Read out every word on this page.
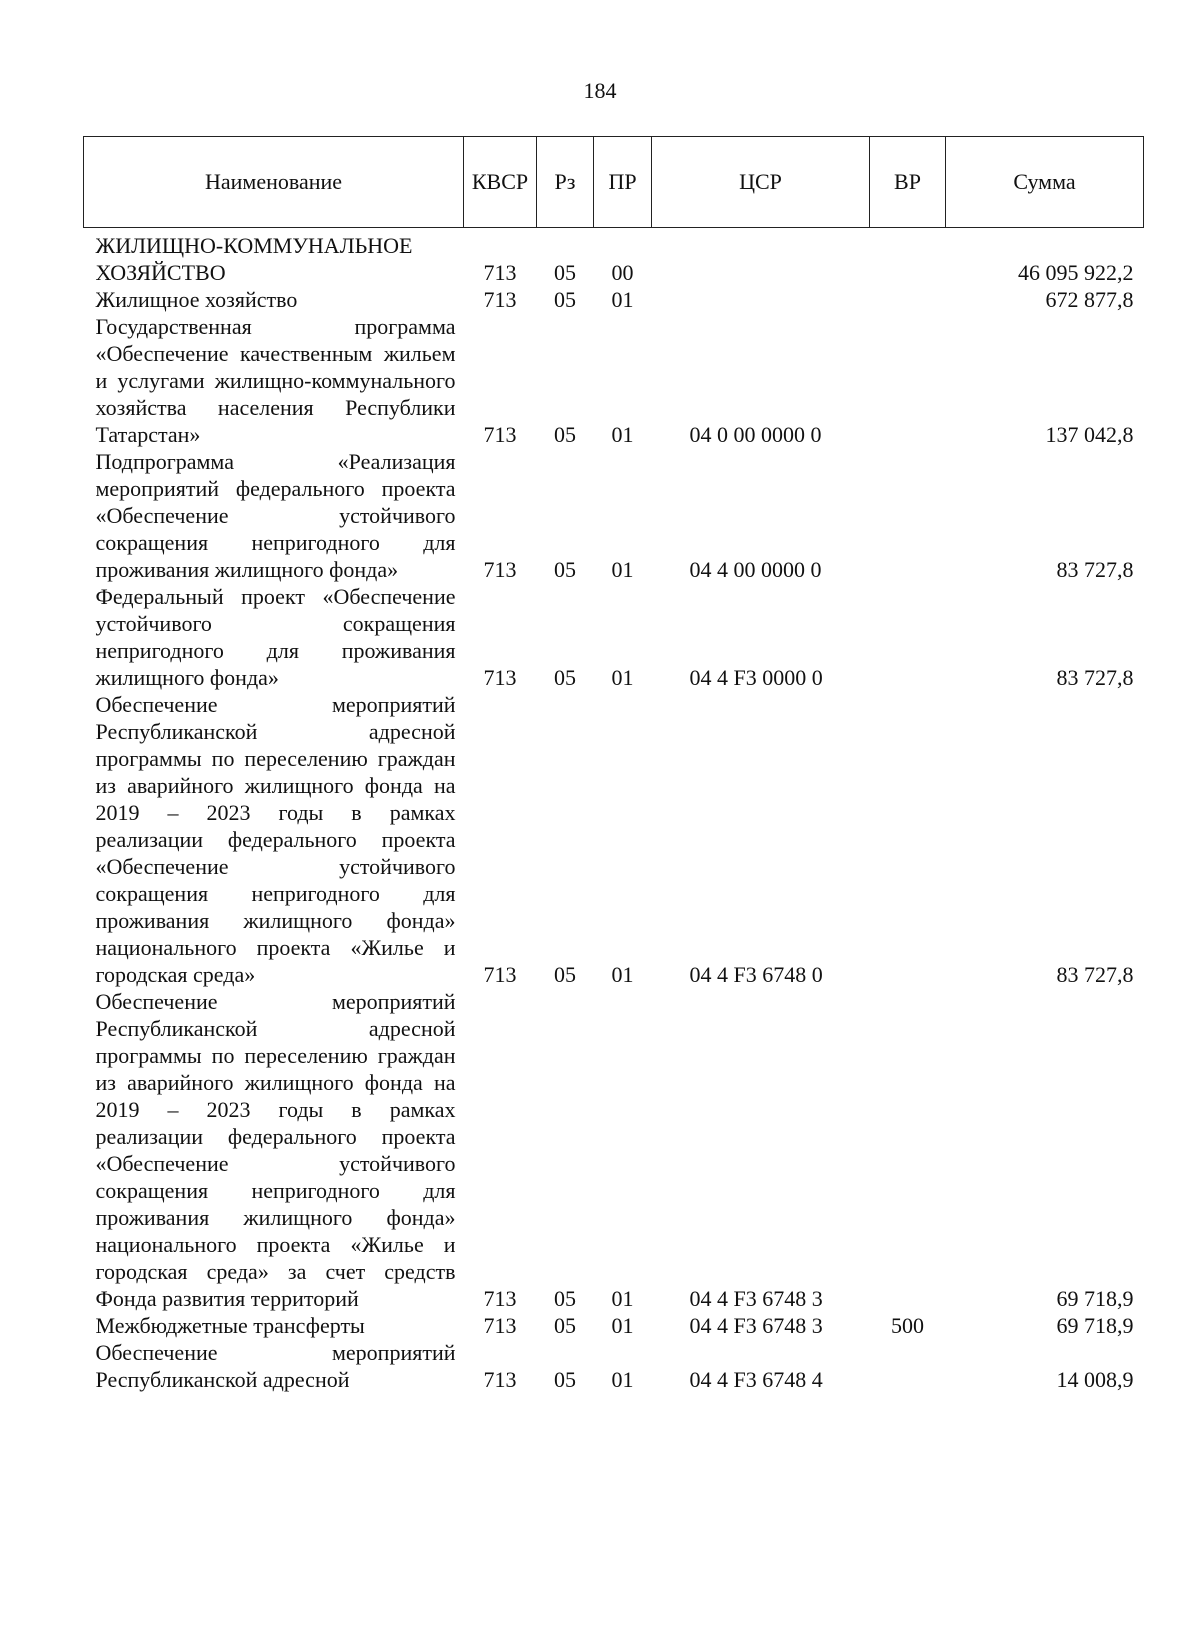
184
Наименование	КВСР	Рз	ПР	ЦСР	ВР	Сумма
ЖИЛИЩНО-КОММУНАЛЬНОЕ ХОЗЯЙСТВО	713	05	00			46 095 922,2
Жилищное хозяйство	713	05	01			672 877,8
Государственная программа «Обеспечение качественным жильем и услугами жилищно-коммунального хозяйства населения Республики Татарстан»	713	05	01	04 0 00 0000 0		137 042,8
Подпрограмма «Реализация мероприятий федерального проекта «Обеспечение устойчивого сокращения непригодного для проживания жилищного фонда»	713	05	01	04 4 00 0000 0		83 727,8
Федеральный проект «Обеспечение устойчивого сокращения непригодного для проживания жилищного фонда»	713	05	01	04 4 F3 0000 0		83 727,8
Обеспечение мероприятий Республиканской адресной программы по переселению граждан из аварийного жилищного фонда на 2019 – 2023 годы в рамках реализации федерального проекта «Обеспечение устойчивого сокращения непригодного для проживания жилищного фонда» национального проекта «Жилье и городская среда»	713	05	01	04 4 F3 6748 0		83 727,8
Обеспечение мероприятий Республиканской адресной программы по переселению граждан из аварийного жилищного фонда на 2019 – 2023 годы в рамках реализации федерального проекта «Обеспечение устойчивого сокращения непригодного для проживания жилищного фонда» национального проекта «Жилье и городская среда» за счет средств Фонда развития территорий	713	05	01	04 4 F3 6748 3		69 718,9
Межбюджетные трансферты	713	05	01	04 4 F3 6748 3	500	69 718,9
Обеспечение мероприятий Республиканской адресной	713	05	01	04 4 F3 6748 4		14 008,9
